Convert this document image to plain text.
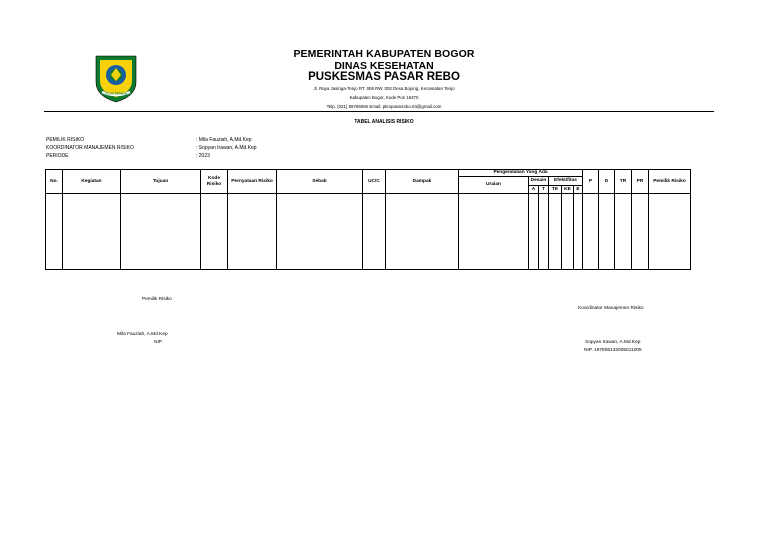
TEGAR BERIMAN
PEMERINTAH KABUPATEN BOGOR
DINAS KESEHATAN
PUSKESMAS PASAR REBO
Jl. Raya Jasinga-Tenjo RT. 006 RW. 002 Desa Bojong, Kecamatan Tenjo
Kabupaten Bogor, Kode Pos 16370
Telp. (021) 59766066 Email: pkmpasarrebo.04@gmail.com
TABEL ANALISIS RISIKO
PEMILIK RISIKO	: Mila Fauziah, A.Md.Kep
KOORDINATOR MANAJEMEN RISIKO	: Sopyan Irawan, A.Md.Kep
PERIODE	: 2023
No.	Kegiatan	Tujuan	Kode Risiko	Pernyataan Risiko	Sebab	UC/C	Dampak	Pengendalian Yang Ada						P	D	TR	PR	Pemilik Risiko
								Uraian	Desain		Efektifitas							

									A	T	TE	KE	E					

Pemilik Risiko
Mila Fauziah, A.Md.Kep
NIP.
Koordinator Manajemen Risiko
Sopyan Irawan, A.Md.Kep
NIP. 197808132005011005
